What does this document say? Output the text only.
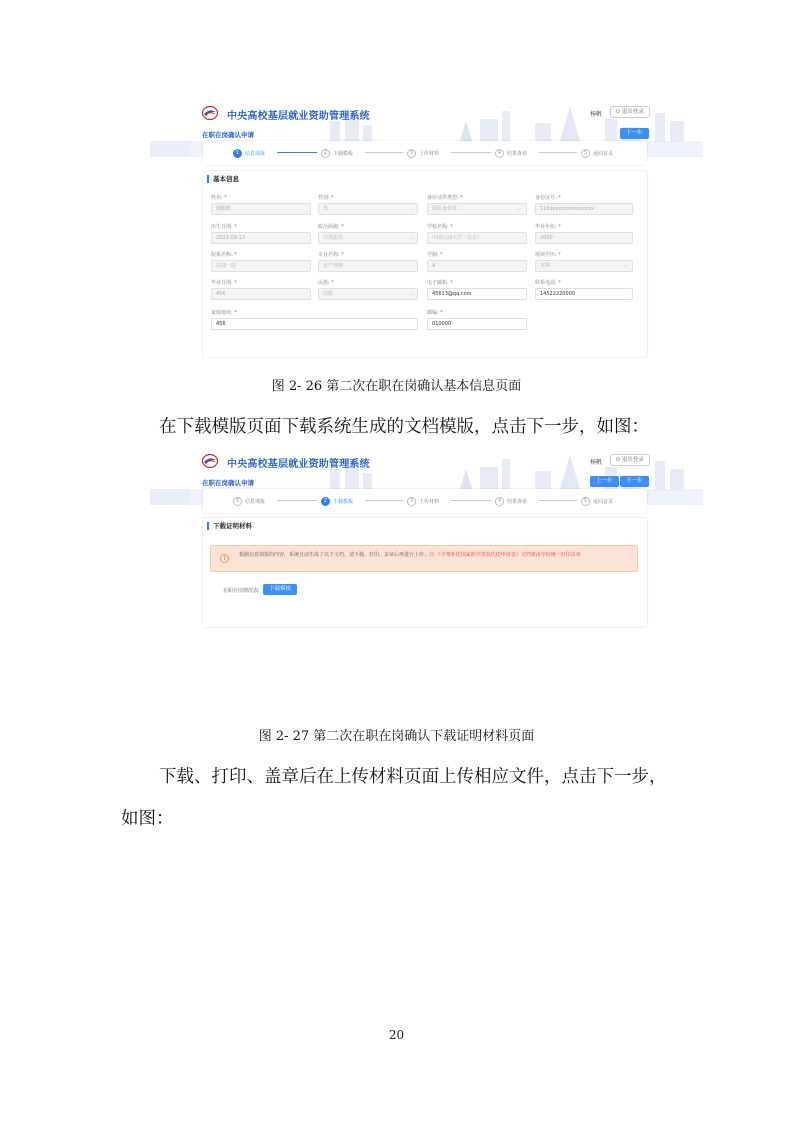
中央高校基层就业资助管理系统
在职在岗确认申请
杨帆	⏻ 退出登录
下一步
1	信息填报	2	下载模板	3	上传材料	4	结果查看	5	返回首页
基本信息
姓名: *
杨帆帆
性别: *
男	⌄
身份证件类型: *
居民身份证	⌄
身份证号: *
110xxxxxxxxxxxxxxx
出生日期: *
2023-09-13
政治面貌: *
共青团员	⌄
学校名称: *
中国石油大学（北京）
毕业年份: *
2000
院系名称: *
石油一院
专业名称: *
水产养殖
学制: *
4
现读学历: *
本科	⌄
毕业日期: *
456
民族: *
汉族	⌄
电子邮箱: *
45613@qq.com
联系电话: *
14522220000
家庭地址: *
456
邮编: *
010000
图 2- 26 第二次在职在岗确认基本信息页面
在下载模版页面下载系统生成的文档模版，点击下一步，如图：
中央高校基层就业资助管理系统
在职在岗确认申请
杨帆	⏻ 退出登录
上一步	下一步
1	信息填报	2	下载模板	3	上传材料	4	结果查看	5	返回首页
下载证明材料
!	根据信息填报的内容，系统自动生成了以下文档，请下载、打印、盖章后再进行上传；注:《学费补偿国家助学贷款代偿申请表》文档将由学校统一打印盖章
在职在岗情况表:	下载模板
图 2- 27 第二次在职在岗确认下载证明材料页面
下载、打印、盖章后在上传材料页面上传相应文件，点击下一步，
如图：
20
